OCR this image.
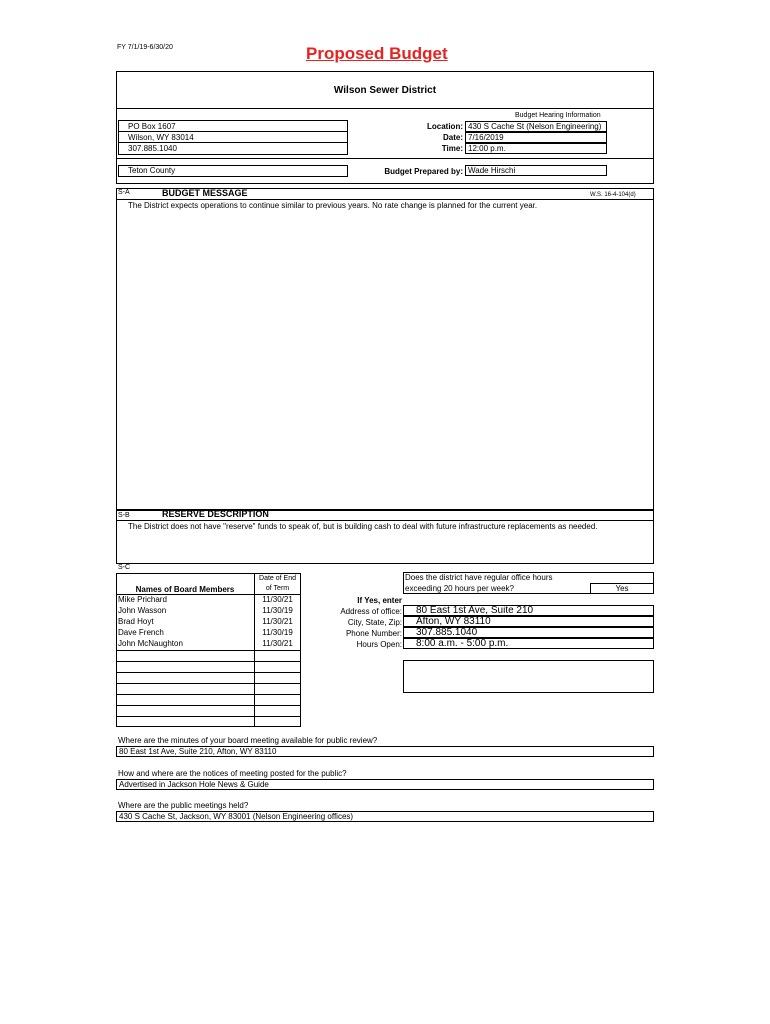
FY 7/1/19-6/30/20	Proposed Budget
Wilson Sewer District
PO Box 1607
Wilson, WY 83014
307.885.1040
Teton County
Budget Hearing Information
Location: 430 S Cache St (Nelson Engineering)
Date: 7/16/2019
Time: 12:00 p.m.
Budget Prepared by: Wade Hirschi
S-A	BUDGET MESSAGE	W.S. 16-4-104(d)
The District expects operations to continue similar to previous years. No rate change is planned for the current year.
S-B	RESERVE DESCRIPTION
The District does not have "reserve" funds to speak of, but is building cash to deal with future infrastructure replacements as needed.
S-C
Names of Board Members
Date of End
of Term
Mike Prichard	11/30/21
John Wasson	11/30/19
Brad Hoyt	11/30/21
Dave French	11/30/19
John McNaughton	11/30/21
Does the district have regular office hours
exceeding 20 hours per week?	Yes
If Yes, enter
Address of office:	80 East 1st Ave, Suite 210
City, State, Zip:	Afton, WY 83110
Phone Number:	307.885.1040
Hours Open:	8:00 a.m. - 5:00 p.m.
Where are the minutes of your board meeting available for public review?
80 East 1st Ave, Suite 210, Afton, WY 83110
How and where are the notices of meeting posted for the public?
Advertised in Jackson Hole News & Guide
Where are the public meetings held?
430 S Cache St, Jackson, WY 83001 (Nelson Engineering offices)
